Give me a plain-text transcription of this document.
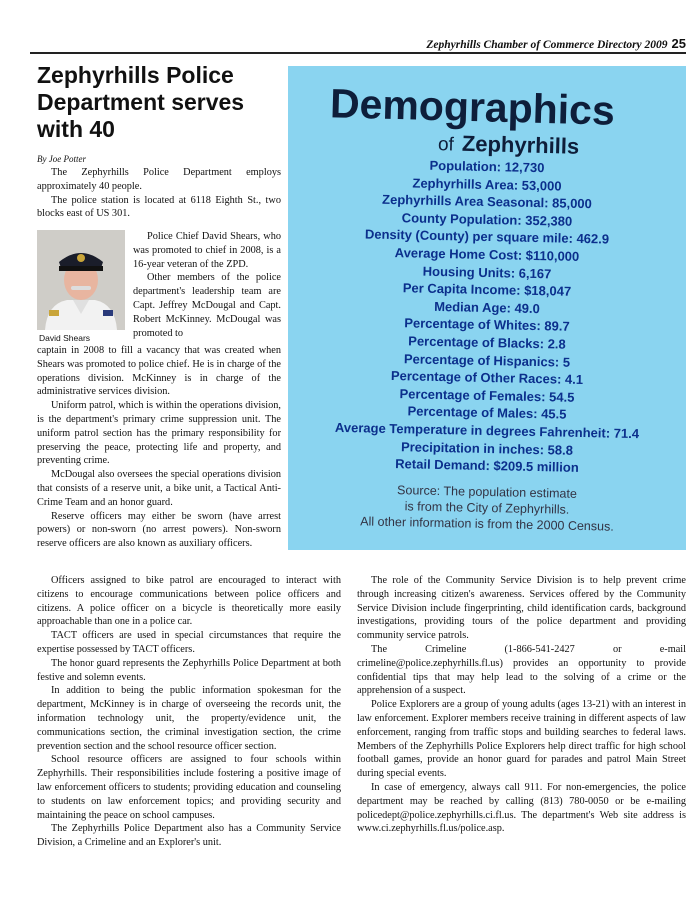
Zephyrhills Chamber of Commerce Directory 2009 25
Zephyrhills Police Department serves with 40
By Joe Potter

The Zephyrhills Police Department employs approximately 40 people.

The police station is located at 6118 Eighth St., two blocks east of US 301.

David Shears

Police Chief David Shears, who was promoted to chief in 2008, is a 16-year veteran of the ZPD.

Other members of the police department's leadership team are Capt. Jeffrey McDougal and Capt. Robert McKinney. McDougal was promoted to

captain in 2008 to fill a vacancy that was created when Shears was promoted to police chief. He is in charge of the operations division. McKinney is in charge of the administrative services division.

Uniform patrol, which is within the operations division, is the department's primary crime suppression unit. The uniform patrol section has the primary responsibility for preserving the peace, protecting life and property, and preventing crime.

McDougal also oversees the special operations division that consists of a reserve unit, a bike unit, a Tactical Anti-Crime Team and an honor guard.

Reserve officers may either be sworn (have arrest powers) or non-sworn (no arrest powers). Non-sworn reserve officers are also known as auxiliary officers.

Demographics
of Zephyrhills
Population: 12,730
Zephyrhills Area: 53,000
Zephyrhills Area Seasonal: 85,000
County Population: 352,380
Density (County) per square mile: 462.9
Average Home Cost: $110,000
Housing Units: 6,167
Per Capita Income: $18,047
Median Age: 49.0
Percentage of Whites: 89.7
Percentage of Blacks: 2.8
Percentage of Hispanics: 5
Percentage of Other Races: 4.1
Percentage of Females: 54.5
Percentage of Males: 45.5
Average Temperature in degrees Fahrenheit: 71.4
Precipitation in inches: 58.8
Retail Demand: $209.5 million
Source: The population estimate
is from the City of Zephyrhills.
All other information is from the 2000 Census.

Officers assigned to bike patrol are encouraged to interact with citizens to encourage communications between police officers and citizens. A police officer on a bicycle is theoretically more easily approachable than one in a police car.

TACT officers are used in special circumstances that require the expertise possessed by TACT officers.

The honor guard represents the Zephyrhills Police Department at both festive and solemn events.

In addition to being the public information spokesman for the department, McKinney is in charge of overseeing the records unit, the information technology unit, the property/evidence unit, the communications section, the criminal investigation section, the crime prevention section and the school resource officer section.

School resource officers are assigned to four schools within Zephyrhills. Their responsibilities include fostering a positive image of law enforcement officers to students; providing education and counseling to students on law enforcement topics; and providing security and maintaining the peace on school campuses.

The Zephyrhills Police Department also has a Community Service Division, a Crimeline and an Explorer's unit.

The role of the Community Service Division is to help prevent crime through increasing citizen's awareness. Services offered by the Community Service Division include fingerprinting, child identification cards, background investigations, providing tours of the police department and providing community service patrols.

The Crimeline (1-866-541-2427 or e-mail crimeline@police.zephyrhills.fl.us) provides an opportunity to provide confidential tips that may help lead to the solving of a crime or the apprehension of a suspect.

Police Explorers are a group of young adults (ages 13-21) with an interest in law enforcement. Explorer members receive training in different aspects of law enforcement, ranging from traffic stops and building searches to federal laws. Members of the Zephyrhills Police Explorers help direct traffic for high school football games, provide an honor guard for parades and patrol Main Street during special events.

In case of emergency, always call 911. For non-emergencies, the police department may be reached by calling (813) 780-0050 or be e-mailing policedept@police.zephyrhills.ci.fl.us. The department's Web site address is www.ci.zephyrhills.fl.us/police.asp.
